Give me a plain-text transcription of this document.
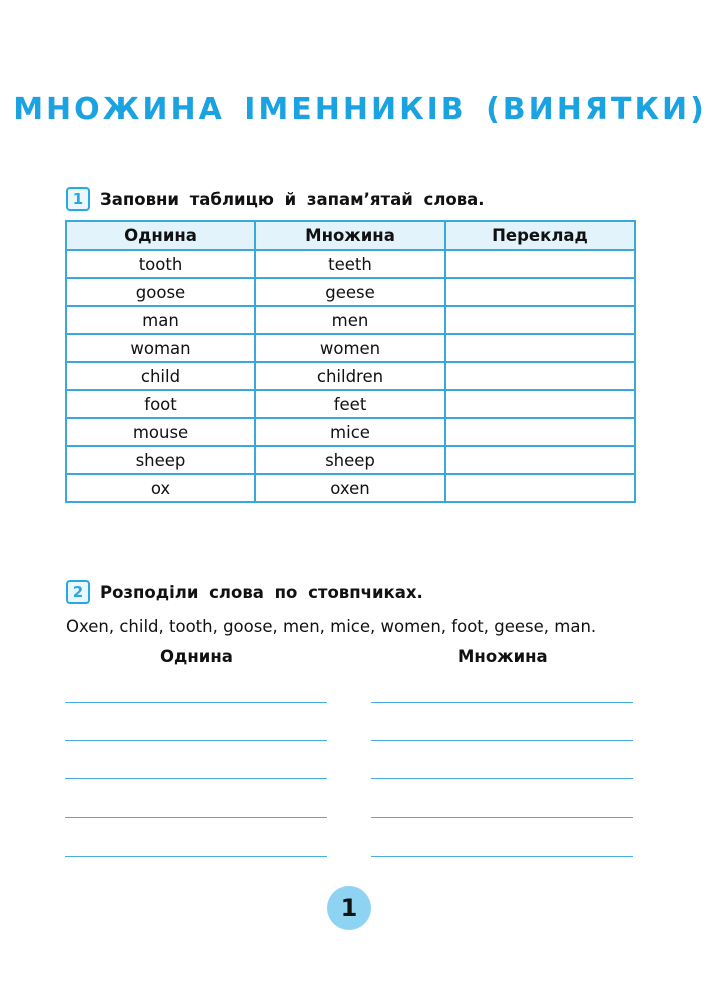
МНОЖИНА ІМЕННИКІВ (ВИНЯТКИ)
1	Заповни таблицю й запам’ятай слова.
Однина	Множина	Переклад
tooth	teeth	
goose	geese	
man	men	
woman	women	
child	children	
foot	feet	
mouse	mice	
sheep	sheep	
ox	oxen	
2	Розподіли слова по стовпчиках.
Oxen, child, tooth, goose, men, mice, women, foot, geese, man.
Однина	Множина
1
